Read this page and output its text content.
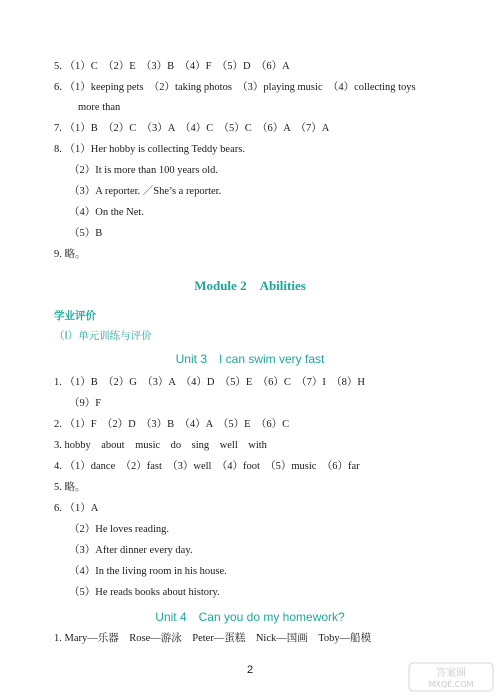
5. （1）C　（2）E　（3）B　（4）F　（5）D　（6）A
6. （1）keeping pets　（2）taking photos　（3）playing music　（4）collecting toys
more than
7. （1）B　（2）C　（3）A　（4）C　（5）C　（6）A　（7）A
8. （1）Her hobby is collecting Teddy bears.
（2）It is more than 100 years old.
（3）A reporter. ／She’s a reporter.
（4）On the Net.
（5）B
9. 略。
Module 2　Abilities
学业评价
（Ⅰ）单元训练与评价
Unit 3　I can swim very fast
1. （1）B　（2）G　（3）A　（4）D　（5）E　（6）C　（7）I　（8）H
（9）F
2. （1）F　（2）D　（3）B　（4）A　（5）E　（6）C
3. hobby　about　music　do　sing　well　with
4. （1）dance　（2）fast　（3）well　（4）foot　（5）music　（6）far
5. 略。
6. （1）A
（2）He loves reading.
（3）After dinner every day.
（4）In the living room in his house.
（5）He reads books about history.
Unit 4　Can you do my homework?
1. Mary—乐器　Rose—游泳　Peter—蛋糕　Nick—国画　Toby—船模
2	答案圈
MXQE.COM
